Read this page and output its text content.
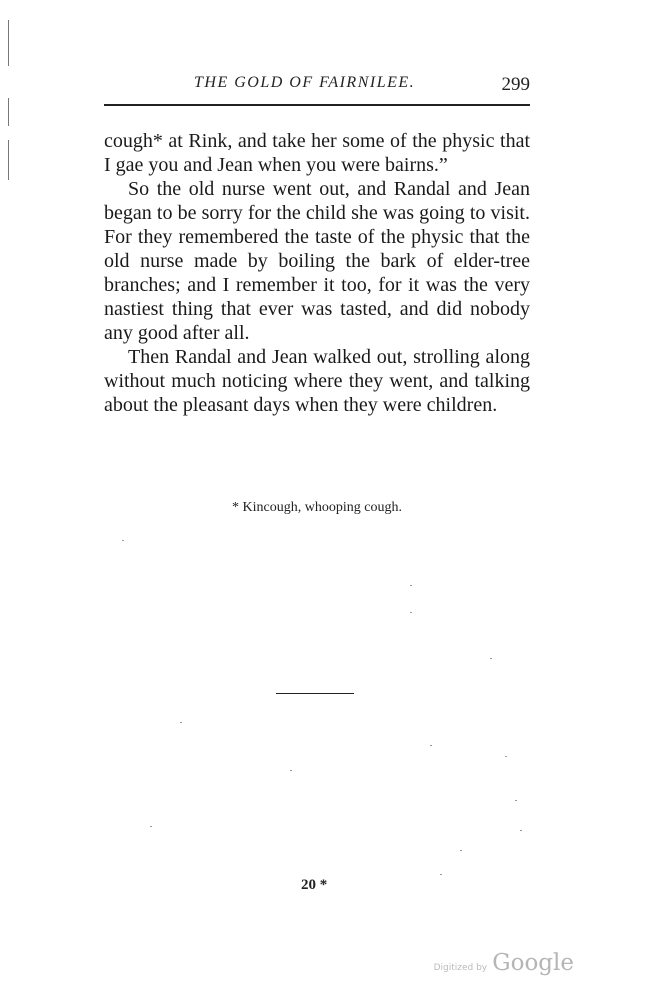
THE GOLD OF FAIRNILEE.	299

cough* at Rink, and take her some of the physic that I gae you and Jean when you were bairns.”

So the old nurse went out, and Randal and Jean began to be sorry for the child she was going to visit. For they remembered the taste of the physic that the old nurse made by boiling the bark of elder-tree branches; and I remember it too, for it was the very nastiest thing that ever was tasted, and did nobody any good after all.

Then Randal and Jean walked out, strolling along without much noticing where they went, and talking about the pleasant days when they were children.

* Kincough, whooping cough.
20 *
Digitized by Google
